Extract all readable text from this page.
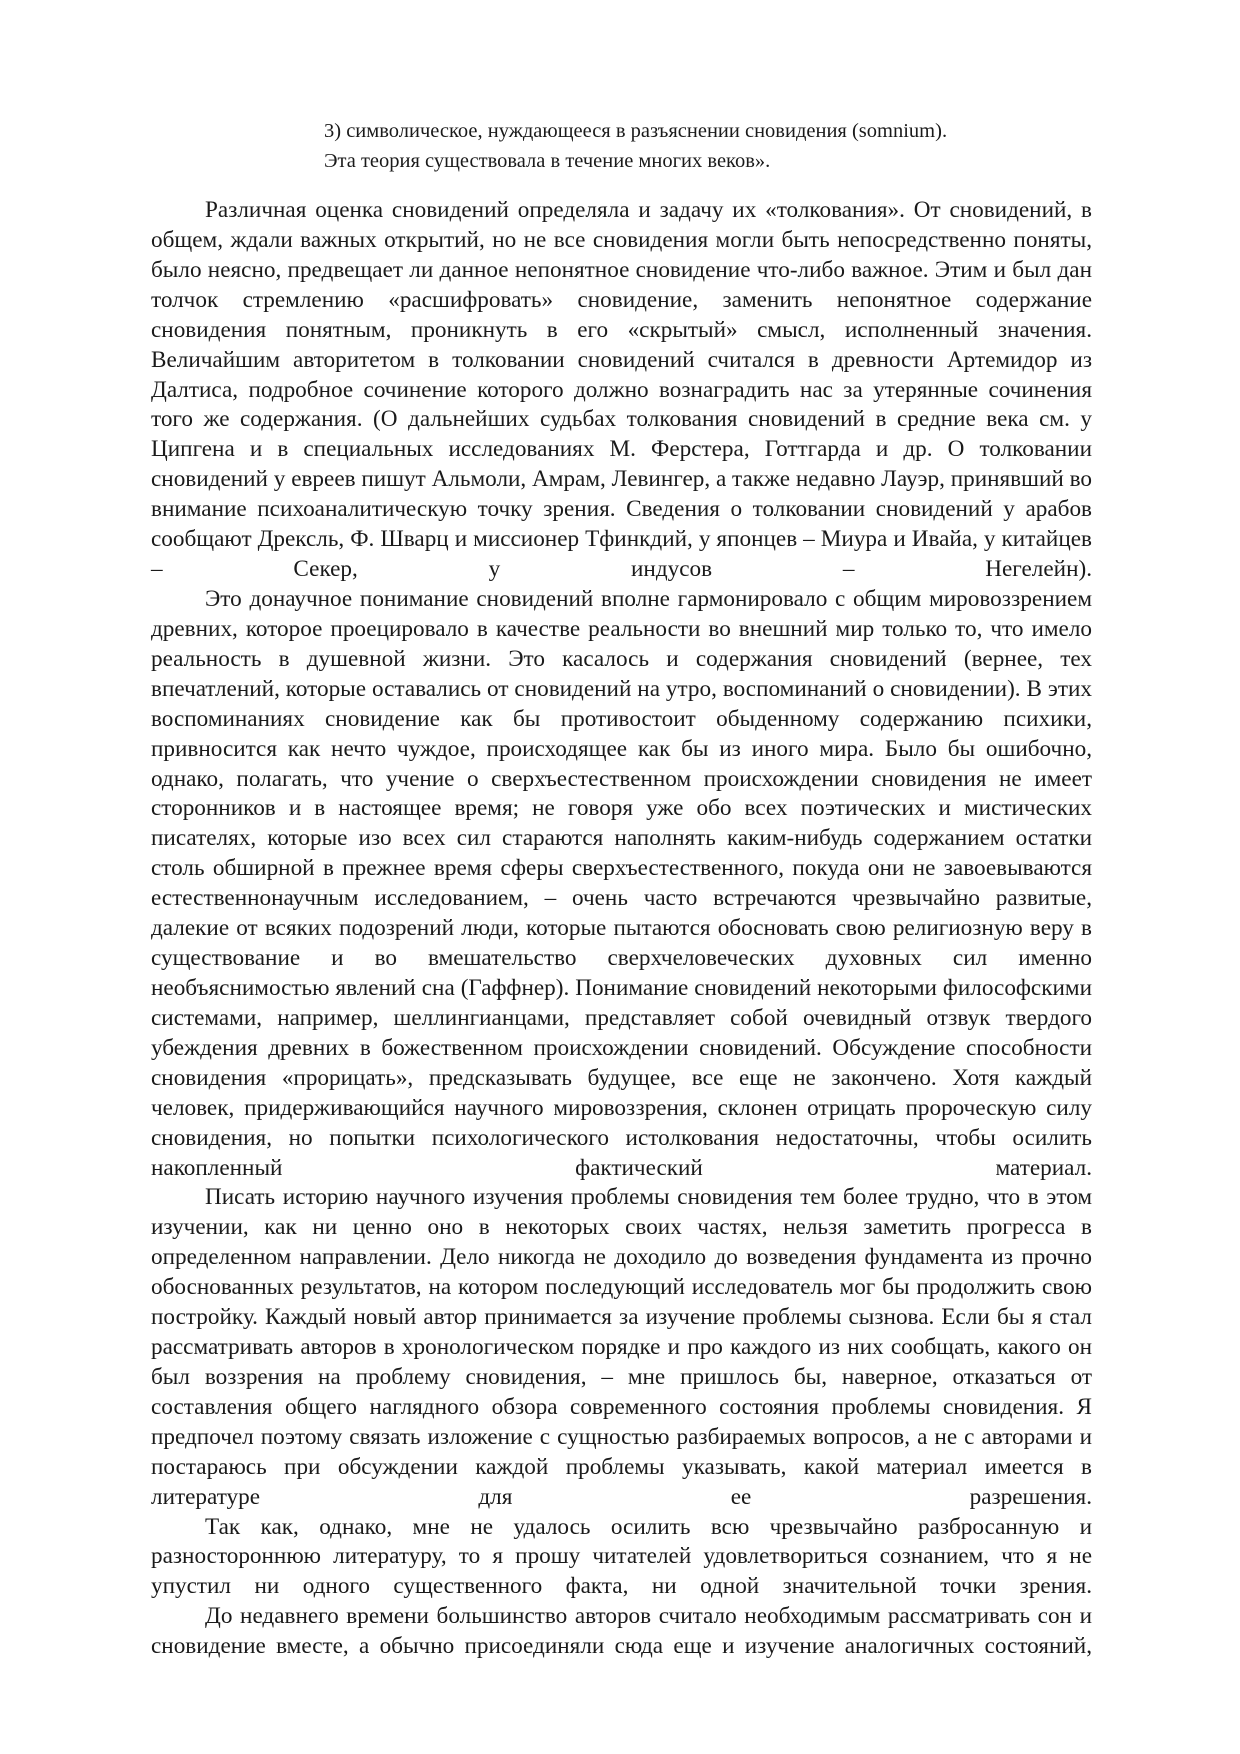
3) символическое, нуждающееся в разъяснении сновидения (somnium).

Эта теория существовала в течение многих веков».

Различная оценка сновидений определяла и задачу их «толкования». От сновидений, в общем, ждали важных открытий, но не все сновидения могли быть непосредственно поняты, было неясно, предвещает ли данное непонятное сновидение что-либо важное. Этим и был дан толчок стремлению «расшифровать» сновидение, заменить непонятное содержание сновидения понятным, проникнуть в его «скрытый» смысл, исполненный значения. Величайшим авторитетом в толковании сновидений считался в древности Артемидор из Далтиса, подробное сочинение которого должно вознаградить нас за утерянные сочинения того же содержания. (О дальнейших судьбах толкования сновидений в средние века см. у Ципгена и в специальных исследованиях М. Ферстера, Готтгарда и др. О толковании сновидений у евреев пишут Альмоли, Амрам, Левингер, а также недавно Лауэр, принявший во внимание психоаналитическую точку зрения. Сведения о толковании сновидений у арабов сообщают Дрексль, Ф. Шварц и миссионер Тфинкдий, у японцев – Миура и Ивайа, у китайцев – Секер, у индусов – Негелейн).

Это донаучное понимание сновидений вполне гармонировало с общим мировоззрением древних, которое проецировало в качестве реальности во внешний мир только то, что имело реальность в душевной жизни. Это касалось и содержания сновидений (вернее, тех впечатлений, которые оставались от сновидений на утро, воспоминаний о сновидении). В этих воспоминаниях сновидение как бы противостоит обыденному содержанию психики, привносится как нечто чуждое, происходящее как бы из иного мира. Было бы ошибочно, однако, полагать, что учение о сверхъестественном происхождении сновидения не имеет сторонников и в настоящее время; не говоря уже обо всех поэтических и мистических писателях, которые изо всех сил стараются наполнять каким-нибудь содержанием остатки столь обширной в прежнее время сферы сверхъестественного, покуда они не завоевываются естественнонаучным исследованием, – очень часто встречаются чрезвычайно развитые, далекие от всяких подозрений люди, которые пытаются обосновать свою религиозную веру в существование и во вмешательство сверхчеловеческих духовных сил именно необъяснимостью явлений сна (Гаффнер). Понимание сновидений некоторыми философскими системами, например, шеллингианцами, представляет собой очевидный отзвук твердого убеждения древних в божественном происхождении сновидений. Обсуждение способности сновидения «прорицать», предсказывать будущее, все еще не закончено. Хотя каждый человек, придерживающийся научного мировоззрения, склонен отрицать пророческую силу сновидения, но попытки психологического истолкования недостаточны, чтобы осилить накопленный фактический материал.

Писать историю научного изучения проблемы сновидения тем более трудно, что в этом изучении, как ни ценно оно в некоторых своих частях, нельзя заметить прогресса в определенном направлении. Дело никогда не доходило до возведения фундамента из прочно обоснованных результатов, на котором последующий исследователь мог бы продолжить свою постройку. Каждый новый автор принимается за изучение проблемы сызнова. Если бы я стал рассматривать авторов в хронологическом порядке и про каждого из них сообщать, какого он был воззрения на проблему сновидения, – мне пришлось бы, наверное, отказаться от составления общего наглядного обзора современного состояния проблемы сновидения. Я предпочел поэтому связать изложение с сущностью разбираемых вопросов, а не с авторами и постараюсь при обсуждении каждой проблемы указывать, какой материал имеется в литературе для ее разрешения.

Так как, однако, мне не удалось осилить всю чрезвычайно разбросанную и разностороннюю литературу, то я прошу читателей удовлетвориться сознанием, что я не упустил ни одного существенного факта, ни одной значительной точки зрения.

До недавнего времени большинство авторов считало необходимым рассматривать сон и сновидение вместе, а обычно присоединяли сюда еще и изучение аналогичных состояний,
